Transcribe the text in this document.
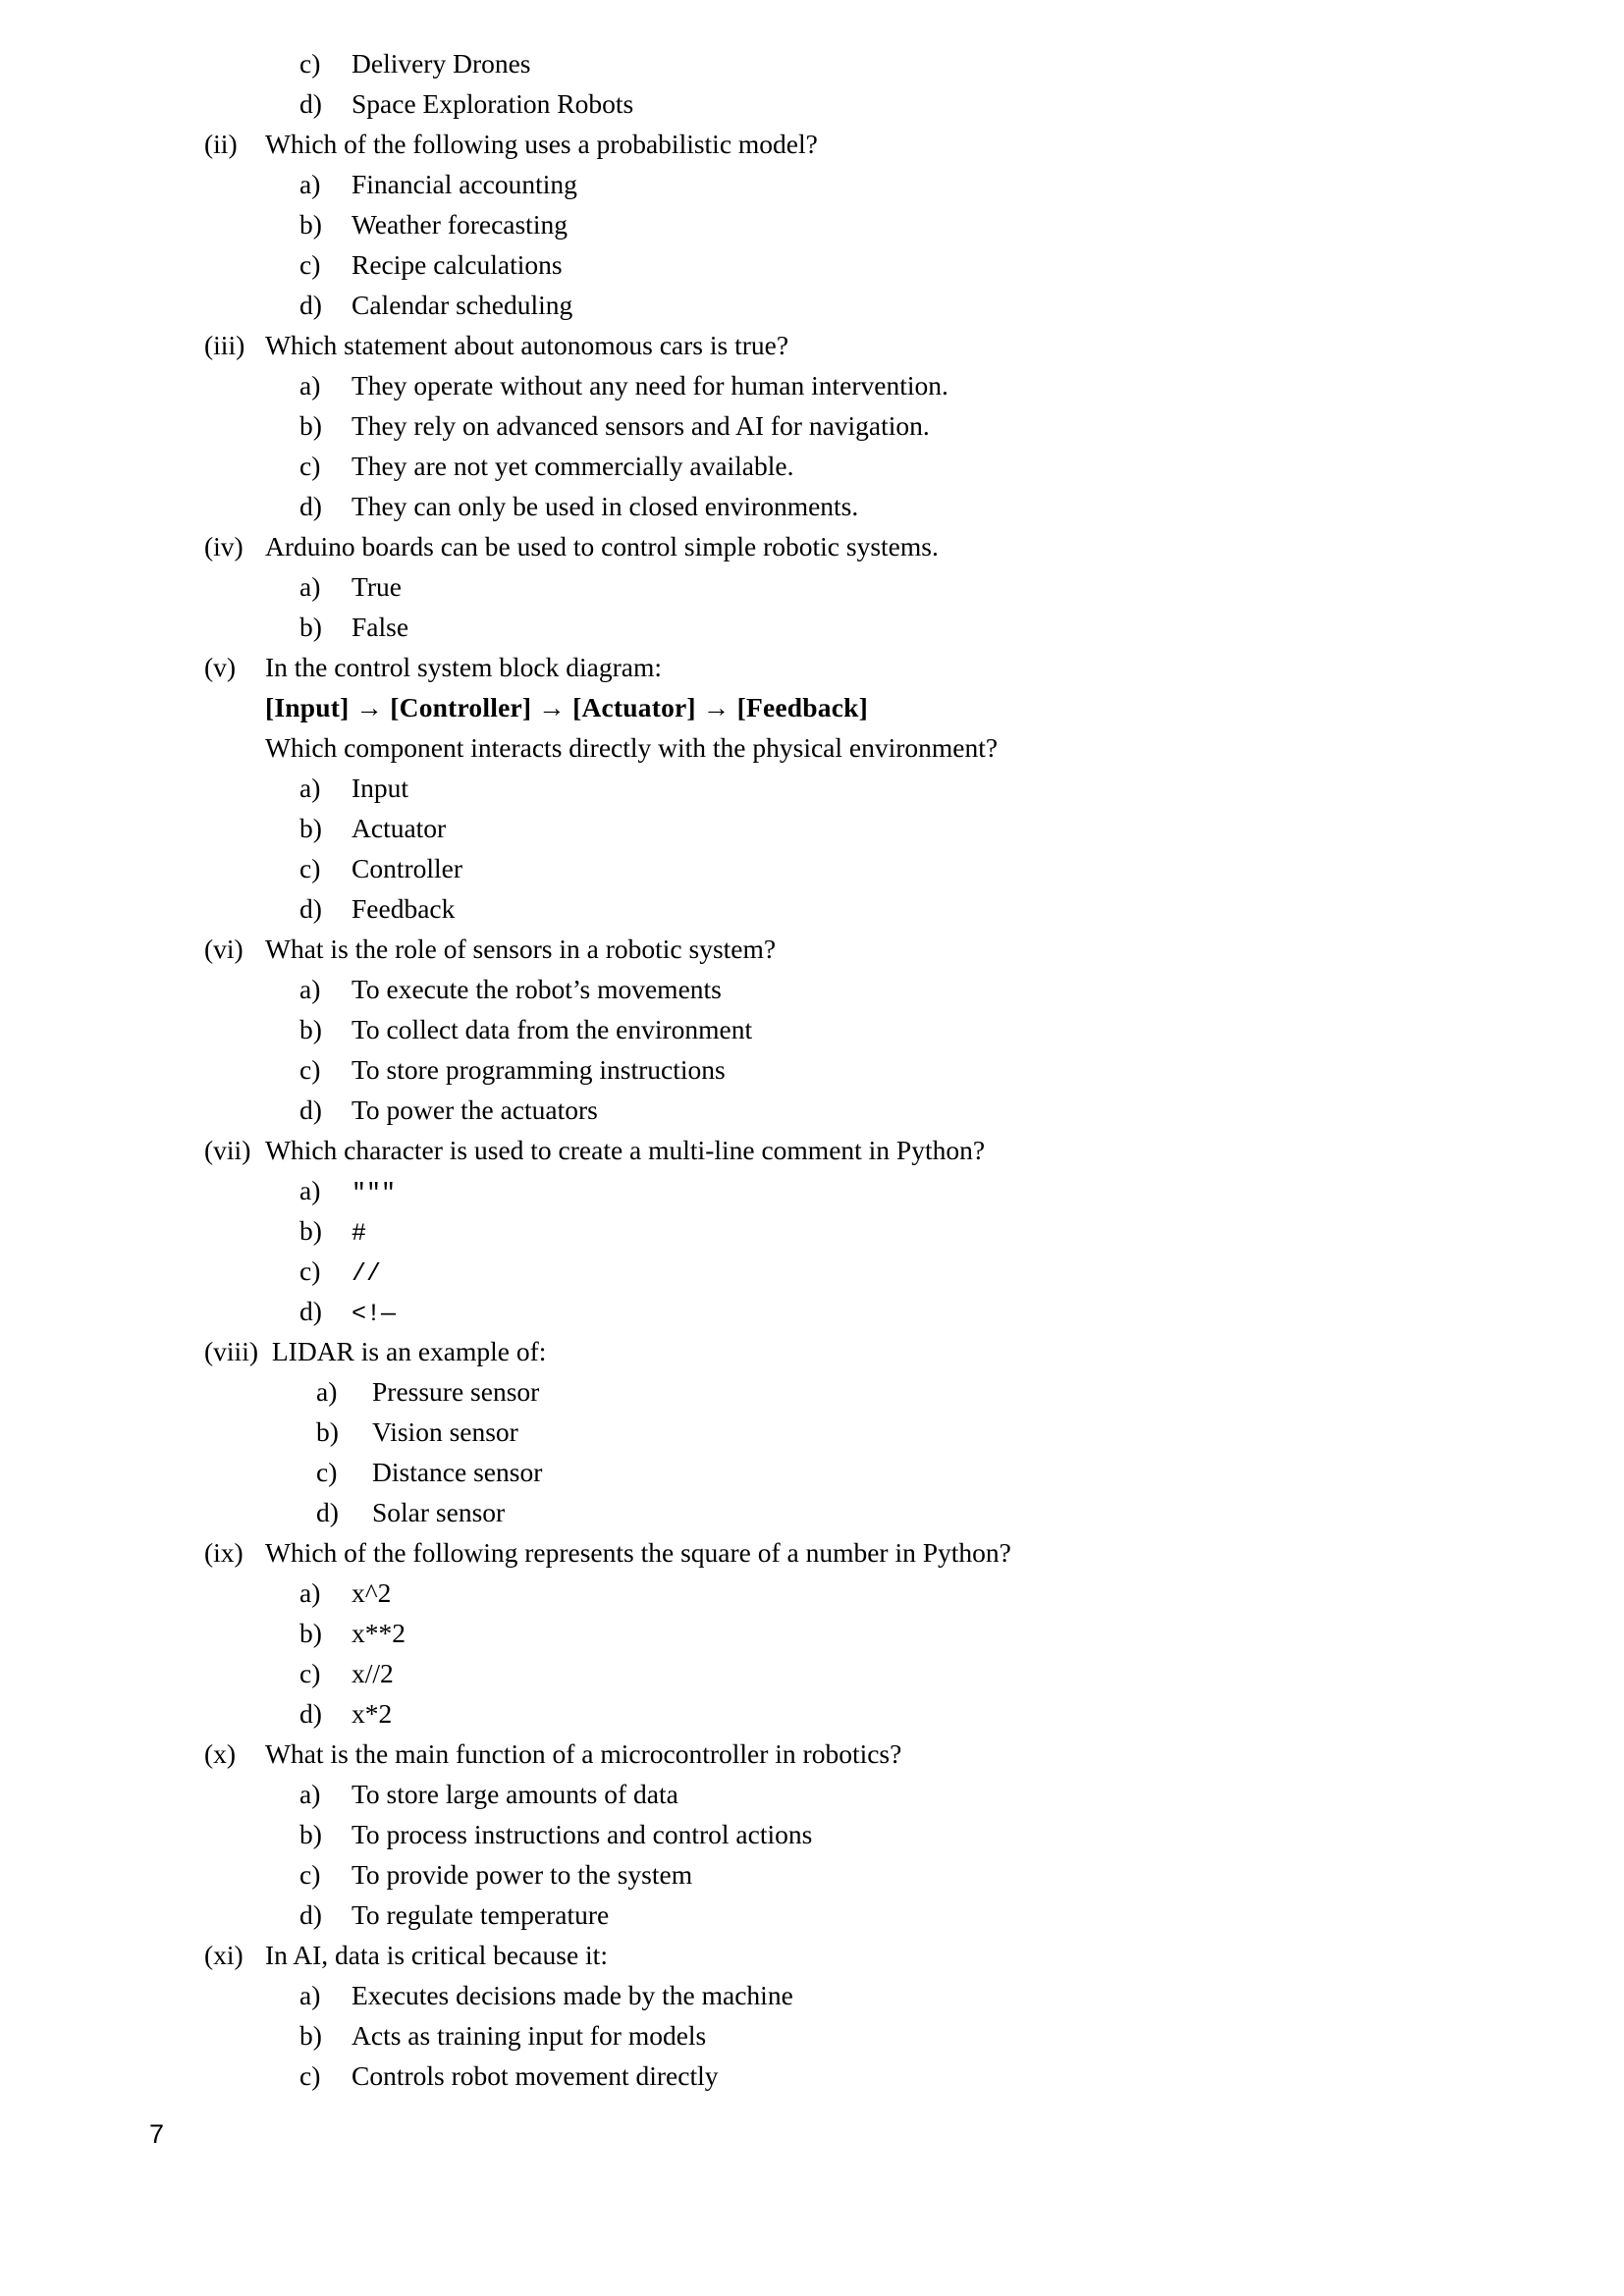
c)	Delivery Drones
d)	Space Exploration Robots
(ii)	Which of the following uses a probabilistic model?
a)	Financial accounting
b)	Weather forecasting
c)	Recipe calculations
d)	Calendar scheduling
(iii) Which statement about autonomous cars is true?
a)	They operate without any need for human intervention.
b)	They rely on advanced sensors and AI for navigation.
c)	They are not yet commercially available.
d)	They can only be used in closed environments.
(iv) Arduino boards can be used to control simple robotic systems.
a)	True
b)	False
(v)	In the control system block diagram:
[Input] → [Controller] → [Actuator] → [Feedback]
Which component interacts directly with the physical environment?
a)	Input
b)	Actuator
c)	Controller
d)	Feedback
(vi) What is the role of sensors in a robotic system?
a)	To execute the robot’s movements
b)	To collect data from the environment
c)	To store programming instructions
d)	To power the actuators
(vii) Which character is used to create a multi-line comment in Python?
a)	"""
b)	#
c)	//
d)	<!—
(viii) LIDAR is an example of:
a)	Pressure sensor
b)	Vision sensor
c)	Distance sensor
d)	Solar sensor
(ix) Which of the following represents the square of a number in Python?
a)	x^2
b)	x**2
c)	x//2
d)	x*2
(x)	What is the main function of a microcontroller in robotics?
a)	To store large amounts of data
b)	To process instructions and control actions
c)	To provide power to the system
d)	To regulate temperature
(xi) In AI, data is critical because it:
a)	Executes decisions made by the machine
b)	Acts as training input for models
c)	Controls robot movement directly
7
